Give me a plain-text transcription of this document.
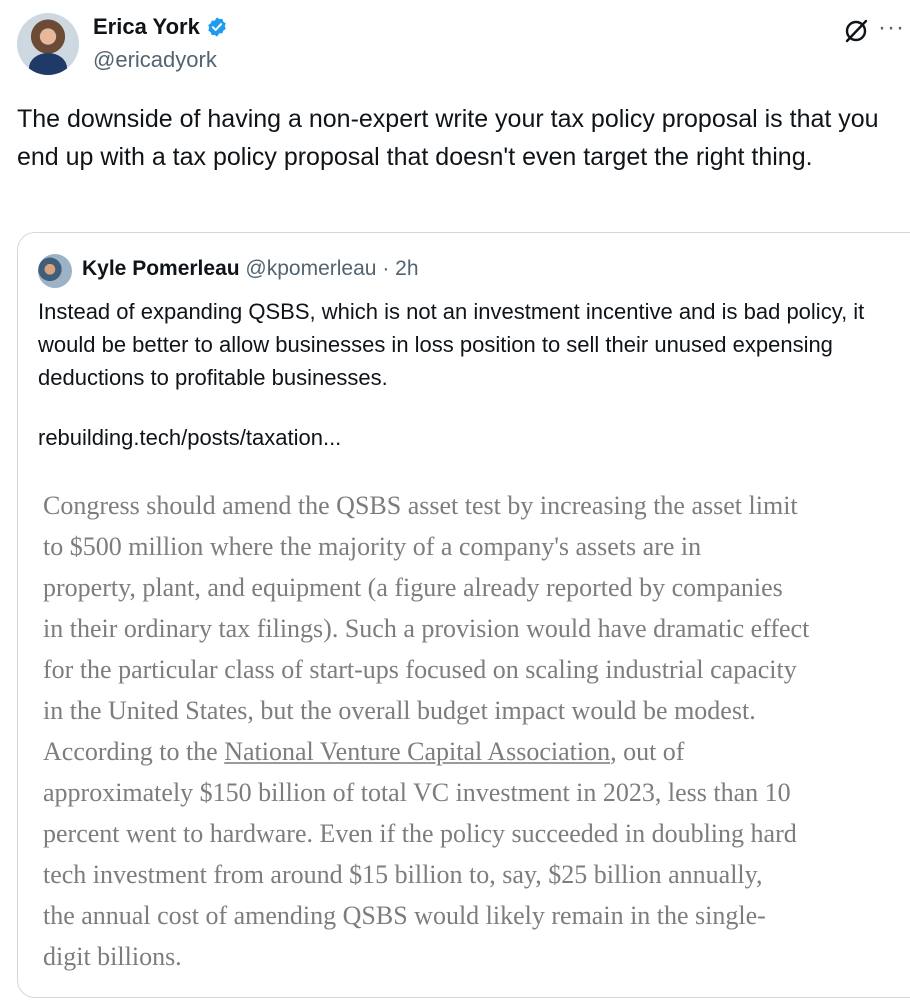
Erica York
@ericadyork
···
The downside of having a non-expert write your tax policy proposal is that you end up with a tax policy proposal that doesn't even target the right thing.
Kyle Pomerleau @kpomerleau · 2h

Instead of expanding QSBS, which is not an investment incentive and is bad policy, it would be better to allow businesses in loss position to sell their unused expensing deductions to profitable businesses.

rebuilding.tech/posts/taxation...
Congress should amend the QSBS asset test by increasing the asset limit
to $500 million where the majority of a company's assets are in
property, plant, and equipment (a figure already reported by companies
in their ordinary tax filings). Such a provision would have dramatic effect
for the particular class of start-ups focused on scaling industrial capacity
in the United States, but the overall budget impact would be modest.
According to the National Venture Capital Association, out of
approximately $150 billion of total VC investment in 2023, less than 10
percent went to hardware. Even if the policy succeeded in doubling hard
tech investment from around $15 billion to, say, $25 billion annually,
the annual cost of amending QSBS would likely remain in the single-
digit billions.
